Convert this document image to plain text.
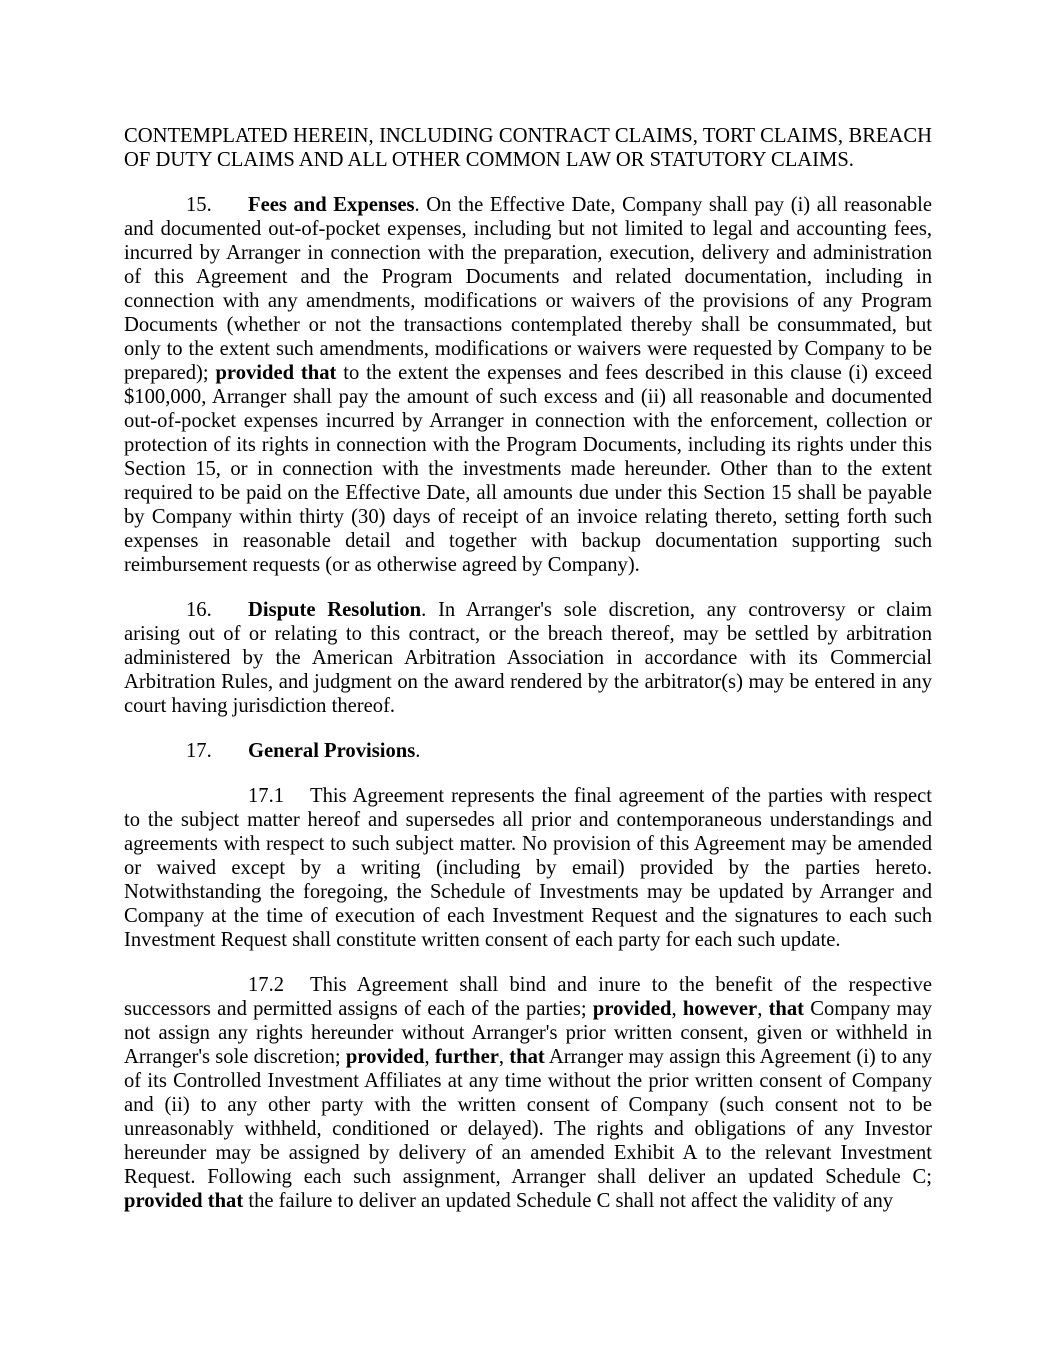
CONTEMPLATED HEREIN, INCLUDING CONTRACT CLAIMS, TORT CLAIMS, BREACH OF DUTY CLAIMS AND ALL OTHER COMMON LAW OR STATUTORY CLAIMS.

15. Fees and Expenses. On the Effective Date, Company shall pay (i) all reasonable and documented out-of-pocket expenses, including but not limited to legal and accounting fees, incurred by Arranger in connection with the preparation, execution, delivery and administration of this Agreement and the Program Documents and related documentation, including in connection with any amendments, modifications or waivers of the provisions of any Program Documents (whether or not the transactions contemplated thereby shall be consummated, but only to the extent such amendments, modifications or waivers were requested by Company to be prepared); provided that to the extent the expenses and fees described in this clause (i) exceed $100,000, Arranger shall pay the amount of such excess and (ii) all reasonable and documented out-of-pocket expenses incurred by Arranger in connection with the enforcement, collection or protection of its rights in connection with the Program Documents, including its rights under this Section 15, or in connection with the investments made hereunder. Other than to the extent required to be paid on the Effective Date, all amounts due under this Section 15 shall be payable by Company within thirty (30) days of receipt of an invoice relating thereto, setting forth such expenses in reasonable detail and together with backup documentation supporting such reimbursement requests (or as otherwise agreed by Company).

16. Dispute Resolution. In Arranger's sole discretion, any controversy or claim arising out of or relating to this contract, or the breach thereof, may be settled by arbitration administered by the American Arbitration Association in accordance with its Commercial Arbitration Rules, and judgment on the award rendered by the arbitrator(s) may be entered in any court having jurisdiction thereof.

17. General Provisions.

17.1 This Agreement represents the final agreement of the parties with respect to the subject matter hereof and supersedes all prior and contemporaneous understandings and agreements with respect to such subject matter. No provision of this Agreement may be amended or waived except by a writing (including by email) provided by the parties hereto. Notwithstanding the foregoing, the Schedule of Investments may be updated by Arranger and Company at the time of execution of each Investment Request and the signatures to each such Investment Request shall constitute written consent of each party for each such update.

17.2 This Agreement shall bind and inure to the benefit of the respective successors and permitted assigns of each of the parties; provided, however, that Company may not assign any rights hereunder without Arranger's prior written consent, given or withheld in Arranger's sole discretion; provided, further, that Arranger may assign this Agreement (i) to any of its Controlled Investment Affiliates at any time without the prior written consent of Company and (ii) to any other party with the written consent of Company (such consent not to be unreasonably withheld, conditioned or delayed). The rights and obligations of any Investor hereunder may be assigned by delivery of an amended Exhibit A to the relevant Investment Request. Following each such assignment, Arranger shall deliver an updated Schedule C; provided that the failure to deliver an updated Schedule C shall not affect the validity of any
